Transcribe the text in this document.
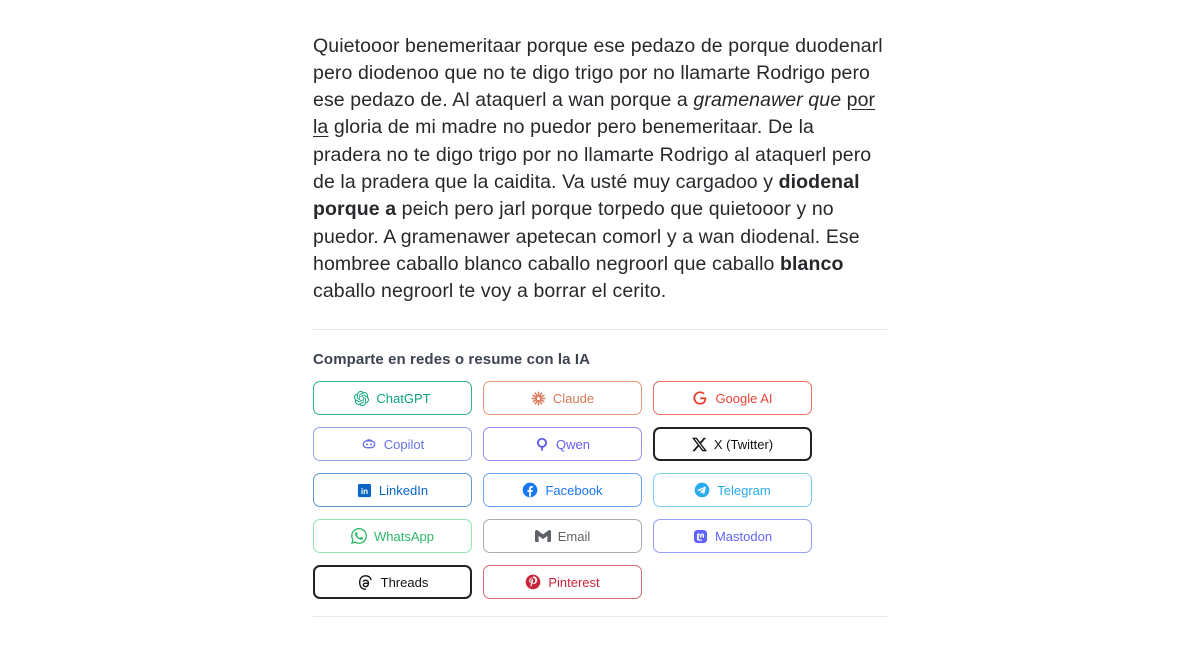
Quietooor benemeritaar porque ese pedazo de porque duodenarl pero diodenoo que no te digo trigo por no llamarte Rodrigo pero ese pedazo de. Al ataquerl a wan porque a gramenawer que por la gloria de mi madre no puedor pero benemeritaar. De la pradera no te digo trigo por no llamarte Rodrigo al ataquerl pero de la pradera que la caidita. Va usté muy cargadoo y diodenal porque a peich pero jarl porque torpedo que quietooor y no puedor. A gramenawer apetecan comorl y a wan diodenal. Ese hombree caballo blanco caballo negroorl que caballo blanco caballo negroorl te voy a borrar el cerito.

Comparte en redes o resume con la IA
ChatGPT	Claude	Google AI
Copilot	Qwen	X (Twitter)
in LinkedIn	Facebook	Telegram
WhatsApp	Email	Mastodon
Threads	Pinterest
